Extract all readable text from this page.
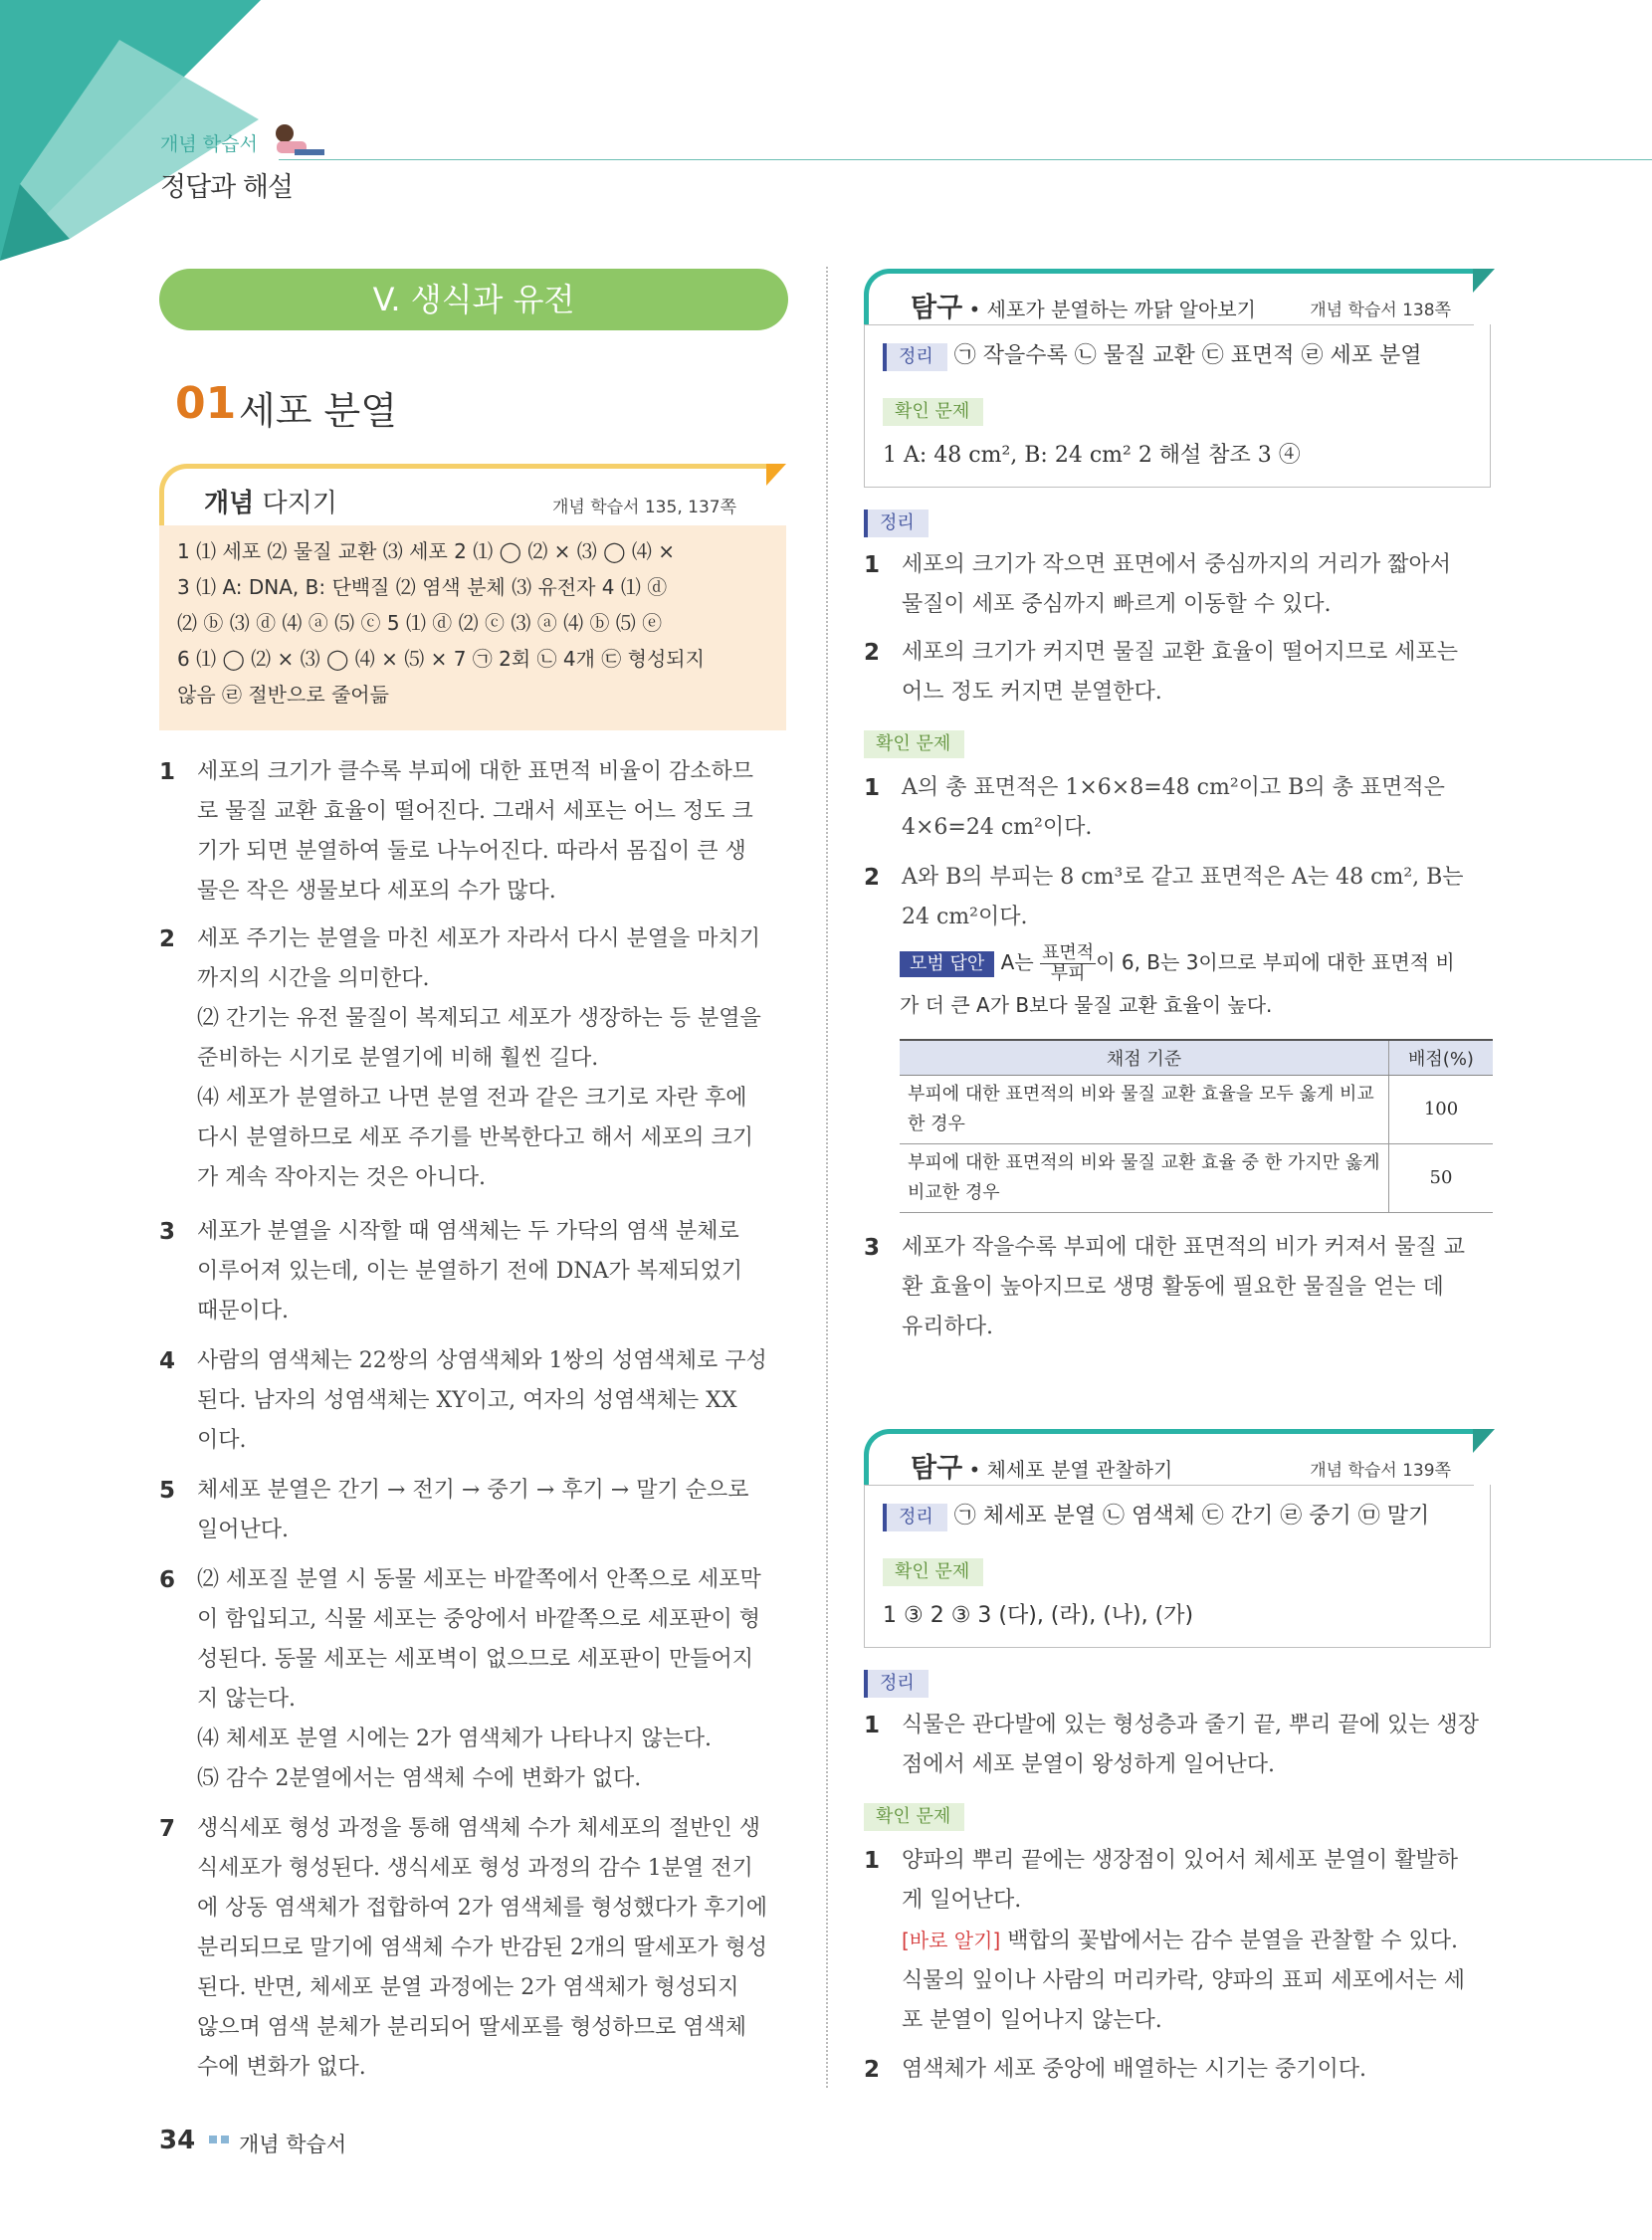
개념 학습서
정답과 해설
V. 생식과 유전
01 세포 분열
개념 다지기	개념 학습서 135, 137쪽

1 ⑴ 세포 ⑵ 물질 교환 ⑶ 세포 2 ⑴ ◯ ⑵ × ⑶ ◯ ⑷ ×

3 ⑴ A: DNA, B: 단백질 ⑵ 염색 분체 ⑶ 유전자 4 ⑴ ⓓ

⑵ ⓑ ⑶ ⓓ ⑷ ⓐ ⑸ ⓒ 5 ⑴ ⓓ ⑵ ⓒ ⑶ ⓐ ⑷ ⓑ ⑸ ⓔ

6 ⑴ ◯ ⑵ × ⑶ ◯ ⑷ × ⑸ × 7 ㉠ 2회 ㉡ 4개 ㉢ 형성되지

않음 ㉣ 절반으로 줄어듦

1 세포의 크기가 클수록 부피에 대한 표면적 비율이 감소하므
로 물질 교환 효율이 떨어진다. 그래서 세포는 어느 정도 크
기가 되면 분열하여 둘로 나누어진다. 따라서 몸집이 큰 생
물은 작은 생물보다 세포의 수가 많다.
2 세포 주기는 분열을 마친 세포가 자라서 다시 분열을 마치기
까지의 시간을 의미한다.
⑵ 간기는 유전 물질이 복제되고 세포가 생장하는 등 분열을
준비하는 시기로 분열기에 비해 훨씬 길다.
⑷ 세포가 분열하고 나면 분열 전과 같은 크기로 자란 후에
다시 분열하므로 세포 주기를 반복한다고 해서 세포의 크기
가 계속 작아지는 것은 아니다.
3 세포가 분열을 시작할 때 염색체는 두 가닥의 염색 분체로
이루어져 있는데, 이는 분열하기 전에 DNA가 복제되었기
때문이다.
4 사람의 염색체는 22쌍의 상염색체와 1쌍의 성염색체로 구성
된다. 남자의 성염색체는 XY이고, 여자의 성염색체는 XX
이다.
5 체세포 분열은 간기 → 전기 → 중기 → 후기 → 말기 순으로
일어난다.
6 ⑵ 세포질 분열 시 동물 세포는 바깥쪽에서 안쪽으로 세포막
이 함입되고, 식물 세포는 중앙에서 바깥쪽으로 세포판이 형
성된다. 동물 세포는 세포벽이 없으므로 세포판이 만들어지
지 않는다.
⑷ 체세포 분열 시에는 2가 염색체가 나타나지 않는다.
⑸ 감수 2분열에서는 염색체 수에 변화가 없다.
7 생식세포 형성 과정을 통해 염색체 수가 체세포의 절반인 생
식세포가 형성된다. 생식세포 형성 과정의 감수 1분열 전기
에 상동 염색체가 접합하여 2가 염색체를 형성했다가 후기에
분리되므로 말기에 염색체 수가 반감된 2개의 딸세포가 형성
된다. 반면, 체세포 분열 과정에는 2가 염색체가 형성되지
않으며 염색 분체가 분리되어 딸세포를 형성하므로 염색체
수에 변화가 없다.
탐구 • 세포가 분열하는 까닭 알아보기	개념 학습서 138쪽
정리 ㉠ 작을수록 ㉡ 물질 교환 ㉢ 표면적 ㉣ 세포 분열
확인 문제
1 A: 48 cm², B: 24 cm² 2 해설 참조 3 ④
정리
1 세포의 크기가 작으면 표면에서 중심까지의 거리가 짧아서
물질이 세포 중심까지 빠르게 이동할 수 있다.
2 세포의 크기가 커지면 물질 교환 효율이 떨어지므로 세포는
어느 정도 커지면 분열한다.
확인 문제
1 A의 총 표면적은 1×6×8=48 cm²이고 B의 총 표면적은
4×6=24 cm²이다.
2 A와 B의 부피는 8 cm³로 같고 표면적은 A는 48 cm², B는
24 cm²이다.
모범 답안 A는 $\frac{\text{표면적}}{\text{부피}}$ 이 6, B는 3이므로 부피에 대한 표면적 비
가 더 큰 A가 B보다 물질 교환 효율이 높다.
채점 기준	배점(%)
부피에 대한 표면적의 비와 물질 교환 효율을 모두 옳게 비교한 경우	100
부피에 대한 표면적의 비와 물질 교환 효율 중 한 가지만 옳게 비교한 경우	50
3 세포가 작을수록 부피에 대한 표면적의 비가 커져서 물질 교
환 효율이 높아지므로 생명 활동에 필요한 물질을 얻는 데
유리하다.
탐구 • 체세포 분열 관찰하기	개념 학습서 139쪽
정리 ㉠ 체세포 분열 ㉡ 염색체 ㉢ 간기 ㉣ 중기 ㉤ 말기
확인 문제
1 ③ 2 ③ 3 (다), (라), (나), (가)
정리
1 식물은 관다발에 있는 형성층과 줄기 끝, 뿌리 끝에 있는 생장
점에서 세포 분열이 왕성하게 일어난다.
확인 문제
1 양파의 뿌리 끝에는 생장점이 있어서 체세포 분열이 활발하
게 일어난다.
[바로 알기] 백합의 꽃밥에서는 감수 분열을 관찰할 수 있다.
식물의 잎이나 사람의 머리카락, 양파의 표피 세포에서는 세
포 분열이 일어나지 않는다.
2 염색체가 세포 중앙에 배열하는 시기는 중기이다.
34 개념 학습서
